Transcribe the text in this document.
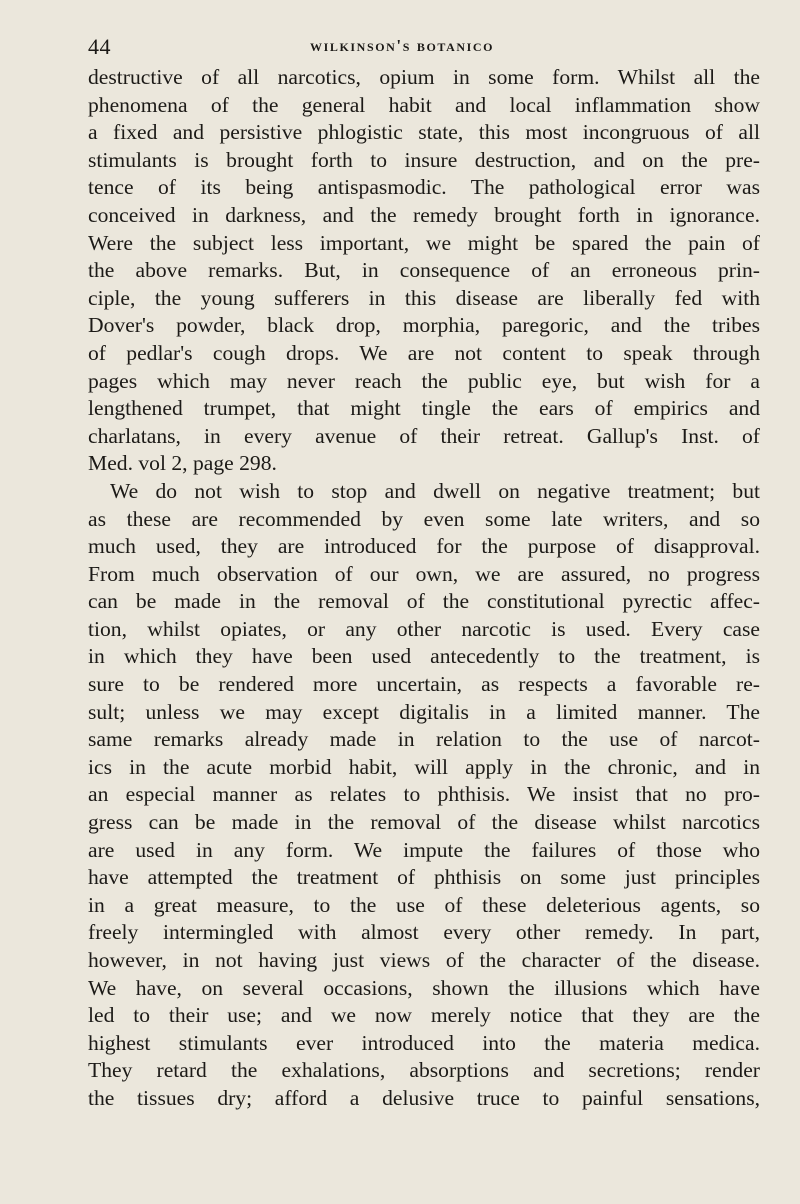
44	wilkinson's botanico
destructive of all narcotics, opium in some form. Whilst all the
phenomena of the general habit and local inflammation show
a fixed and persistive phlogistic state, this most incongruous of all
stimulants is brought forth to insure destruction, and on the pre-
tence of its being antispasmodic. The pathological error was
conceived in darkness, and the remedy brought forth in ignorance.
Were the subject less important, we might be spared the pain of
the above remarks. But, in consequence of an erroneous prin-
ciple, the young sufferers in this disease are liberally fed with
Dover's powder, black drop, morphia, paregoric, and the tribes
of pedlar's cough drops. We are not content to speak through
pages which may never reach the public eye, but wish for a
lengthened trumpet, that might tingle the ears of empirics and
charlatans, in every avenue of their retreat. Gallup's Inst. of
Med. vol 2, page 298.
We do not wish to stop and dwell on negative treatment; but
as these are recommended by even some late writers, and so
much used, they are introduced for the purpose of disapproval.
From much observation of our own, we are assured, no progress
can be made in the removal of the constitutional pyrectic affec-
tion, whilst opiates, or any other narcotic is used. Every case
in which they have been used antecedently to the treatment, is
sure to be rendered more uncertain, as respects a favorable re-
sult; unless we may except digitalis in a limited manner. The
same remarks already made in relation to the use of narcot-
ics in the acute morbid habit, will apply in the chronic, and in
an especial manner as relates to phthisis. We insist that no pro-
gress can be made in the removal of the disease whilst narcotics
are used in any form. We impute the failures of those who
have attempted the treatment of phthisis on some just principles
in a great measure, to the use of these deleterious agents, so
freely intermingled with almost every other remedy. In part,
however, in not having just views of the character of the disease.
We have, on several occasions, shown the illusions which have
led to their use; and we now merely notice that they are the
highest stimulants ever introduced into the materia medica.
They retard the exhalations, absorptions and secretions; render
the tissues dry; afford a delusive truce to painful sensations,
